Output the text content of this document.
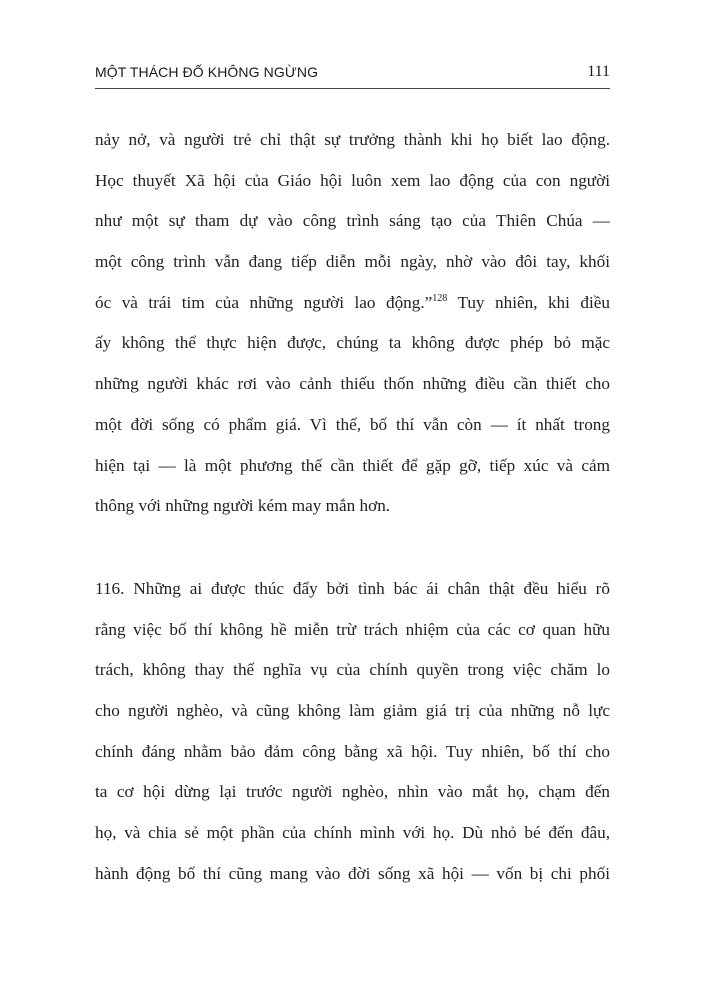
MỘT THÁCH ĐỐ KHÔNG NGỪNG	111
nảy nở, và người trẻ chỉ thật sự trưởng thành khi họ biết lao động.
Học thuyết Xã hội của Giáo hội luôn xem lao động của con người
như một sự tham dự vào công trình sáng tạo của Thiên Chúa —
một công trình vẫn đang tiếp diễn mỗi ngày, nhờ vào đôi tay, khối
óc và trái tim của những người lao động.”$^{128}$ Tuy nhiên, khi điều
ấy không thể thực hiện được, chúng ta không được phép bỏ mặc
những người khác rơi vào cảnh thiếu thốn những điều cần thiết cho
một đời sống có phẩm giá. Vì thế, bố thí vẫn còn — ít nhất trong
hiện tại — là một phương thế cần thiết để gặp gỡ, tiếp xúc và cảm
thông với những người kém may mắn hơn.
116. Những ai được thúc đẩy bởi tình bác ái chân thật đều hiểu rõ
rằng việc bố thí không hề miễn trừ trách nhiệm của các cơ quan hữu
trách, không thay thế nghĩa vụ của chính quyền trong việc chăm lo
cho người nghèo, và cũng không làm giảm giá trị của những nỗ lực
chính đáng nhằm bảo đảm công bằng xã hội. Tuy nhiên, bố thí cho
ta cơ hội dừng lại trước người nghèo, nhìn vào mắt họ, chạm đến
họ, và chia sẻ một phần của chính mình với họ. Dù nhỏ bé đến đâu,
hành động bố thí cũng mang vào đời sống xã hội — vốn bị chi phối
